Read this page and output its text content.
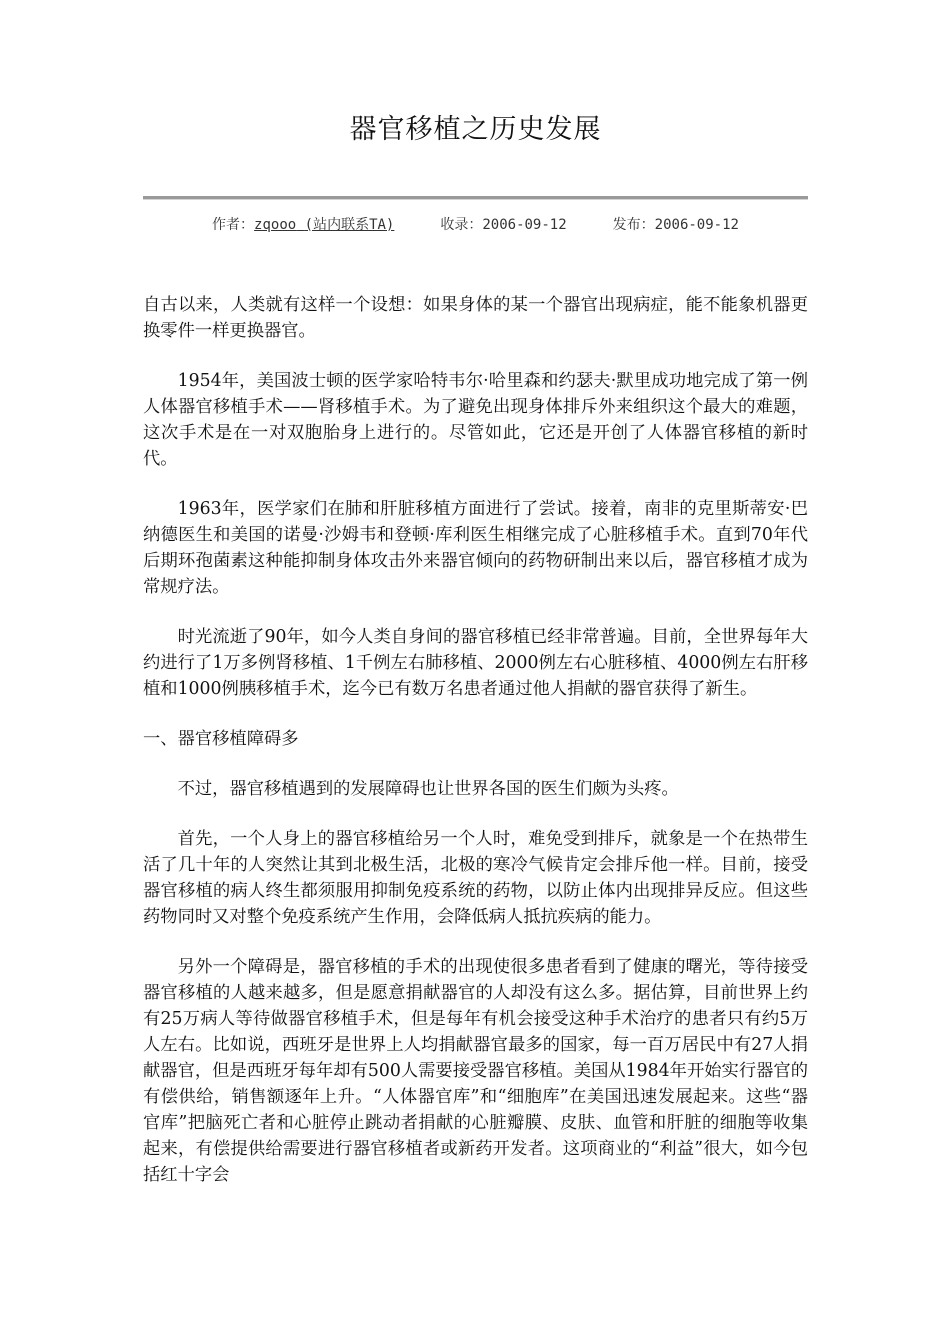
器官移植之历史发展
作者：zqooo (站内联系TA)	收录：2006-09-12	发布：2006-09-12

自古以来，人类就有这样一个设想：如果身体的某一个器官出现病症，能不能象机器更换零件一样更换器官。

1954年，美国波士顿的医学家哈特韦尔·哈里森和约瑟夫·默里成功地完成了第一例人体器官移植手术——肾移植手术。为了避免出现身体排斥外来组织这个最大的难题，这次手术是在一对双胞胎身上进行的。尽管如此，它还是开创了人体器官移植的新时代。

1963年，医学家们在肺和肝脏移植方面进行了尝试。接着，南非的克里斯蒂安·巴纳德医生和美国的诺曼·沙姆韦和登顿·库利医生相继完成了心脏移植手术。直到70年代后期环孢菌素这种能抑制身体攻击外来器官倾向的药物研制出来以后，器官移植才成为常规疗法。

时光流逝了90年，如今人类自身间的器官移植已经非常普遍。目前，全世界每年大约进行了1万多例肾移植、1千例左右肺移植、2000例左右心脏移植、4000例左右肝移植和1000例胰移植手术，迄今已有数万名患者通过他人捐献的器官获得了新生。

一、器官移植障碍多

不过，器官移植遇到的发展障碍也让世界各国的医生们颇为头疼。

首先，一个人身上的器官移植给另一个人时，难免受到排斥，就象是一个在热带生活了几十年的人突然让其到北极生活，北极的寒冷气候肯定会排斥他一样。目前，接受器官移植的病人终生都须服用抑制免疫系统的药物，以防止体内出现排异反应。但这些药物同时又对整个免疫系统产生作用，会降低病人抵抗疾病的能力。

另外一个障碍是，器官移植的手术的出现使很多患者看到了健康的曙光，等待接受器官移植的人越来越多，但是愿意捐献器官的人却没有这么多。据估算，目前世界上约有25万病人等待做器官移植手术，但是每年有机会接受这种手术治疗的患者只有约5万人左右。比如说，西班牙是世界上人均捐献器官最多的国家，每一百万居民中有27人捐献器官，但是西班牙每年却有500人需要接受器官移植。美国从1984年开始实行器官的有偿供给，销售额逐年上升。“人体器官库”和“细胞库”在美国迅速发展起来。这些“器官库”把脑死亡者和心脏停止跳动者捐献的心脏瓣膜、皮肤、血管和肝脏的细胞等收集起来，有偿提供给需要进行器官移植者或新药开发者。这项商业的“利益”很大，如今包括红十字会
